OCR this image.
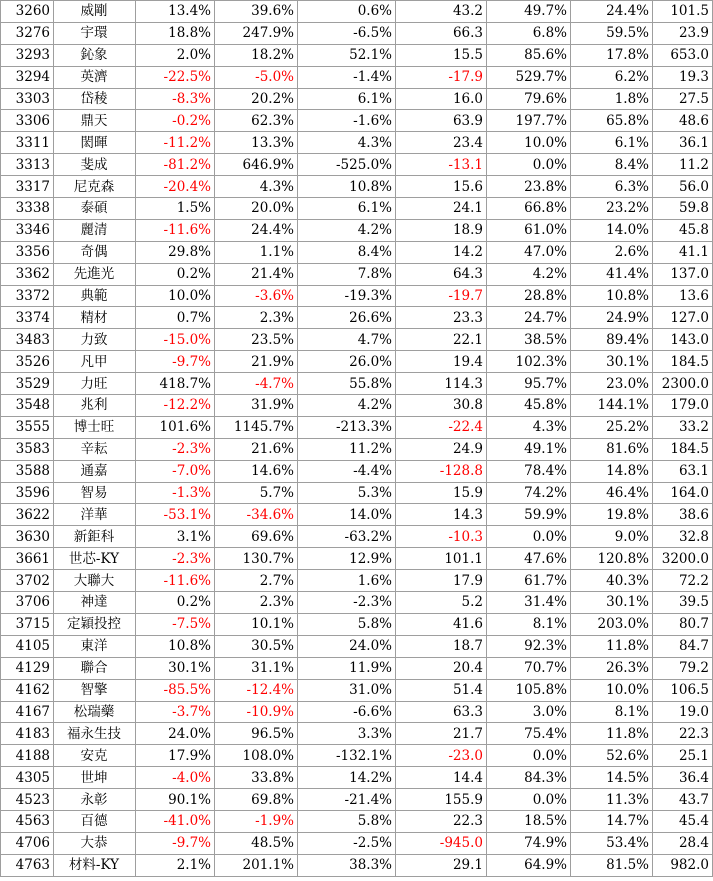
3260	威剛	13.4%	39.6%	0.6%	43.2	49.7%	24.4%	101.5
3276	宇環	18.8%	247.9%	-6.5%	66.3	6.8%	59.5%	23.9
3293	鈊象	2.0%	18.2%	52.1%	15.5	85.6%	17.8%	653.0
3294	英濟	-22.5%	-5.0%	-1.4%	-17.9	529.7%	6.2%	19.3
3303	岱稜	-8.3%	20.2%	6.1%	16.0	79.6%	1.8%	27.5
3306	鼎天	-0.2%	62.3%	-1.6%	63.9	197.7%	65.8%	48.6
3311	閎暉	-11.2%	13.3%	4.3%	23.4	10.0%	6.1%	36.1
3313	斐成	-81.2%	646.9%	-525.0%	-13.1	0.0%	8.4%	11.2
3317	尼克森	-20.4%	4.3%	10.8%	15.6	23.8%	6.3%	56.0
3338	泰碩	1.5%	20.0%	6.1%	24.1	66.8%	23.2%	59.8
3346	麗清	-11.6%	24.4%	4.2%	18.9	61.0%	14.0%	45.8
3356	奇偶	29.8%	1.1%	8.4%	14.2	47.0%	2.6%	41.1
3362	先進光	0.2%	21.4%	7.8%	64.3	4.2%	41.4%	137.0
3372	典範	10.0%	-3.6%	-19.3%	-19.7	28.8%	10.8%	13.6
3374	精材	0.7%	2.3%	26.6%	23.3	24.7%	24.9%	127.0
3483	力致	-15.0%	23.5%	4.7%	22.1	38.5%	89.4%	143.0
3526	凡甲	-9.7%	21.9%	26.0%	19.4	102.3%	30.1%	184.5
3529	力旺	418.7%	-4.7%	55.8%	114.3	95.7%	23.0%	2300.0
3548	兆利	-12.2%	31.9%	4.2%	30.8	45.8%	144.1%	179.0
3555	博士旺	101.6%	1145.7%	-213.3%	-22.4	4.3%	25.2%	33.2
3583	辛耘	-2.3%	21.6%	11.2%	24.9	49.1%	81.6%	184.5
3588	通嘉	-7.0%	14.6%	-4.4%	-128.8	78.4%	14.8%	63.1
3596	智易	-1.3%	5.7%	5.3%	15.9	74.2%	46.4%	164.0
3622	洋華	-53.1%	-34.6%	14.0%	14.3	59.9%	19.8%	38.6
3630	新鉅科	3.1%	69.6%	-63.2%	-10.3	0.0%	9.0%	32.8
3661	世芯-KY	-2.3%	130.7%	12.9%	101.1	47.6%	120.8%	3200.0
3702	大聯大	-11.6%	2.7%	1.6%	17.9	61.7%	40.3%	72.2
3706	神達	0.2%	2.3%	-2.3%	5.2	31.4%	30.1%	39.5
3715	定穎投控	-7.5%	10.1%	5.8%	41.6	8.1%	203.0%	80.7
4105	東洋	10.8%	30.5%	24.0%	18.7	92.3%	11.8%	84.7
4129	聯合	30.1%	31.1%	11.9%	20.4	70.7%	26.3%	79.2
4162	智擎	-85.5%	-12.4%	31.0%	51.4	105.8%	10.0%	106.5
4167	松瑞藥	-3.7%	-10.9%	-6.6%	63.3	3.0%	8.1%	19.0
4183	福永生技	24.0%	96.5%	3.3%	21.7	75.4%	11.8%	22.3
4188	安克	17.9%	108.0%	-132.1%	-23.0	0.0%	52.6%	25.1
4305	世坤	-4.0%	33.8%	14.2%	14.4	84.3%	14.5%	36.4
4523	永彰	90.1%	69.8%	-21.4%	155.9	0.0%	11.3%	43.7
4563	百德	-41.0%	-1.9%	5.8%	22.3	18.5%	14.7%	45.4
4706	大恭	-9.7%	48.5%	-2.5%	-945.0	74.9%	53.4%	28.4
4763	材料-KY	2.1%	201.1%	38.3%	29.1	64.9%	81.5%	982.0
